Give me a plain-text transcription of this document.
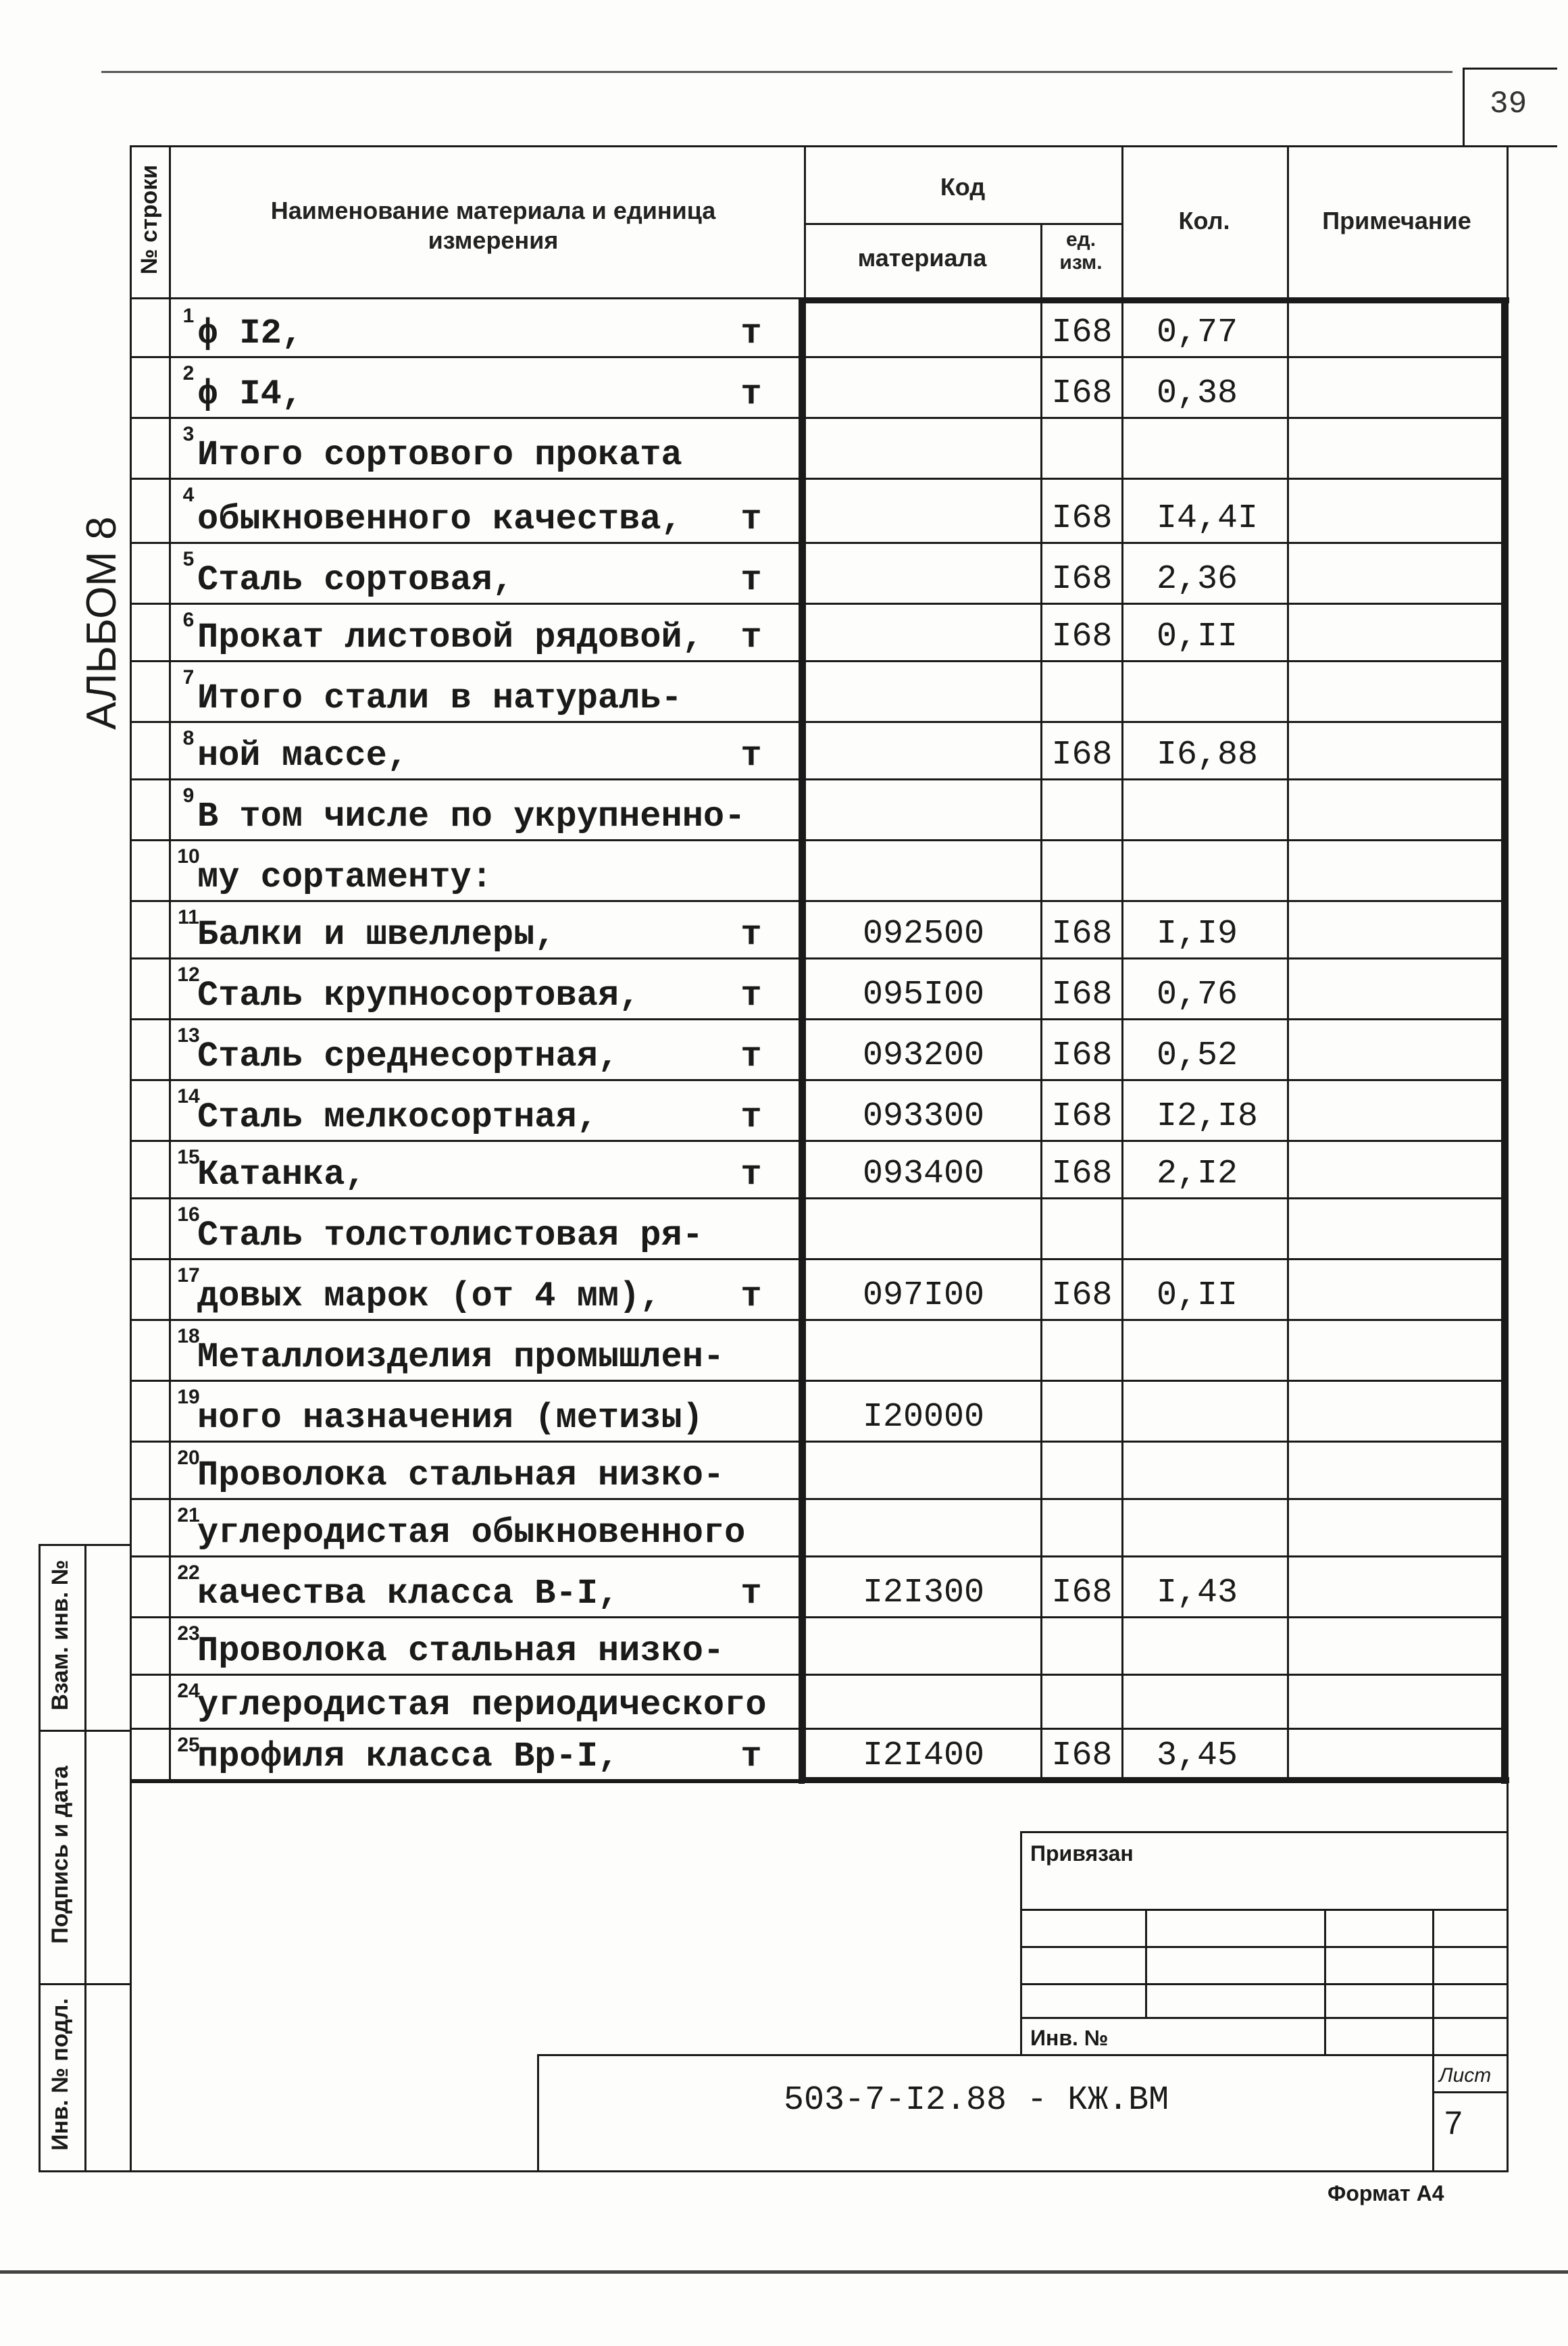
39
АЛЬБОМ 8
№ строки	Наименование материала и единица измерения
Код
материала
ед. изм.
Кол.	Примечание
1 ϕ I2,	т	I68 0,77
2
ϕ I4,	т	I68 0,38
3
Итого сортового проката
4
обыкновенного качества,	т	I68 I4,4I
5
Сталь сортовая,	т	I68 2,36
6 Прокат листовой рядовой,	т	I68 0,II
7
Итого стали в натураль-
8 ной массе,	т	I68 I6,88
9
В том числе по укрупненно-
10
му сортаменту:
11
Балки и швеллеры,	т	092500	I68 I,I9
12
Сталь крупносортовая,	т	095I00	I68 0,76
13
Сталь среднесортная,	т	093200	I68 0,52
14
Сталь мелкосортная,	т	093300	I68 I2,I8
15
Катанка,	т	093400	I68 2,I2
16
Сталь толстолистовая ря-
17
довых марок (от 4 мм),	т	097I00	I68 0,II
18
Металлоизделия промышлен-
19
ного назначения (метизы)	I20000
20
Проволока стальная низко-
21
углеродистая обыкновенного
22
качества класса В-I,	т	I2I300	I68 I,43
23
Проволока стальная низко-
24
углеродистая периодического
25
профиля класса Вр-I,	т	I2I400	I68 3,45
Взам. инв. №
Подпись и дата
Инв. № подл.
Привязан
Инв. №
503-7-I2.88 - КЖ.ВМ
Лист
7
Формат А4
